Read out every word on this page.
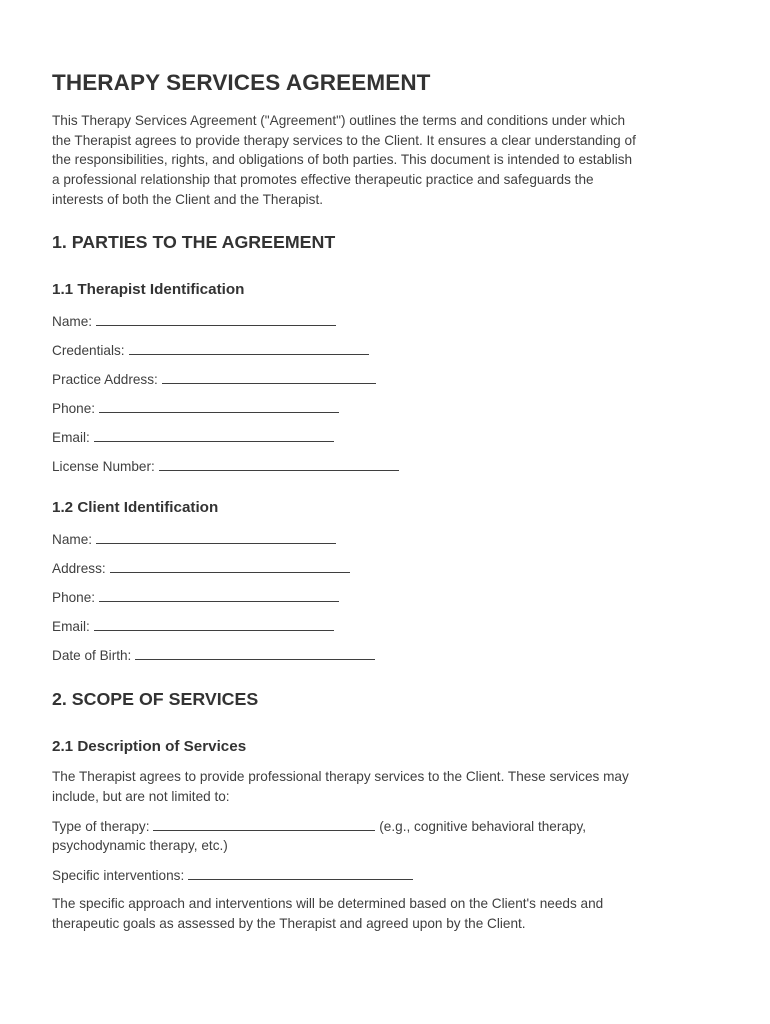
THERAPY SERVICES AGREEMENT

This Therapy Services Agreement ("Agreement") outlines the terms and conditions under which
the Therapist agrees to provide therapy services to the Client. It ensures a clear understanding of
the responsibilities, rights, and obligations of both parties. This document is intended to establish
a professional relationship that promotes effective therapeutic practice and safeguards the
interests of both the Client and the Therapist.

1. PARTIES TO THE AGREEMENT
1.1 Therapist Identification
Name:
Credentials:
Practice Address:
Phone:
Email:
License Number:
1.2 Client Identification
Name:
Address:
Phone:
Email:
Date of Birth:
2. SCOPE OF SERVICES
2.1 Description of Services

The Therapist agrees to provide professional therapy services to the Client. These services may
include, but are not limited to:

Type of therapy:	(e.g., cognitive behavioral therapy,
psychodynamic therapy, etc.)
Specific interventions:

The specific approach and interventions will be determined based on the Client's needs and
therapeutic goals as assessed by the Therapist and agreed upon by the Client.
